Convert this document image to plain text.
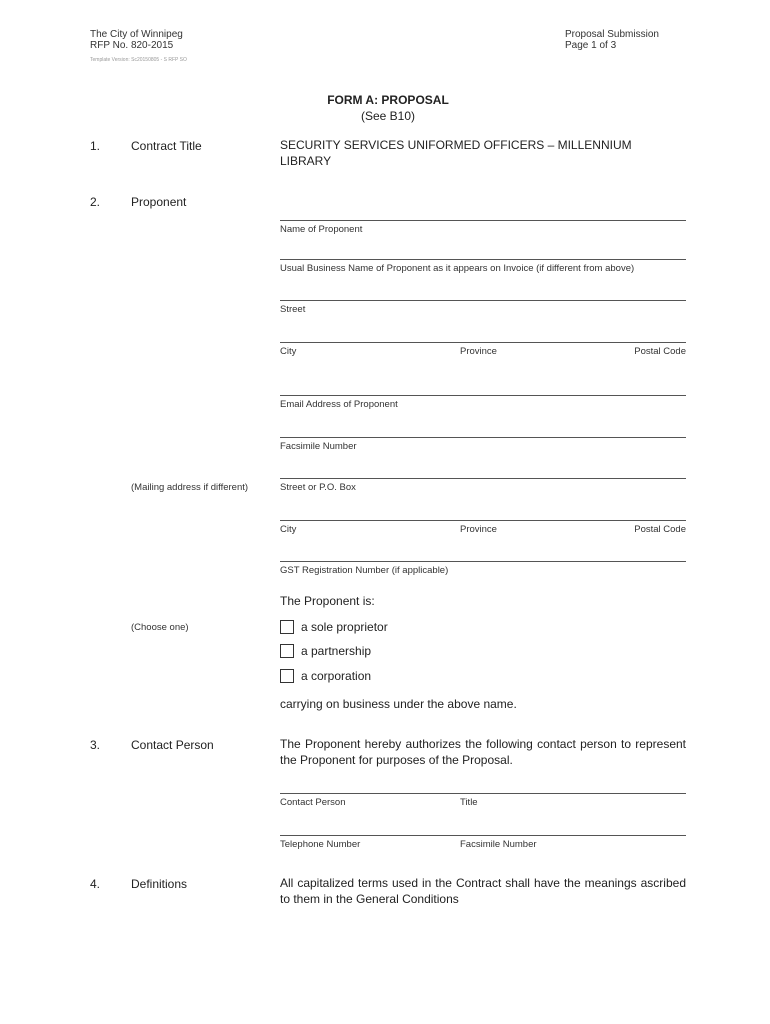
The City of Winnipeg
RFP No. 820-2015
Template Version: Sc20150805 - S RFP SO
Proposal Submission
Page 1 of 3
FORM A: PROPOSAL
(See B10)
1.	Contract Title	SECURITY SERVICES UNIFORMED OFFICERS – MILLENNIUM LIBRARY
2.	Proponent
Name of Proponent
Usual Business Name of Proponent as it appears on Invoice (if different from above)
Street
City	Province	Postal Code
Email Address of Proponent
Facsimile Number
(Mailing address if different)	Street or P.O. Box
City	Province	Postal Code
GST Registration Number (if applicable)
The Proponent is:
(Choose one)	a sole proprietor
a partnership
a corporation
carrying on business under the above name.
3.	Contact Person	The Proponent hereby authorizes the following contact person to represent the Proponent for purposes of the Proposal.
Contact Person	Title
Telephone Number	Facsimile Number
4.	Definitions	All capitalized terms used in the Contract shall have the meanings ascribed to them in the General Conditions
